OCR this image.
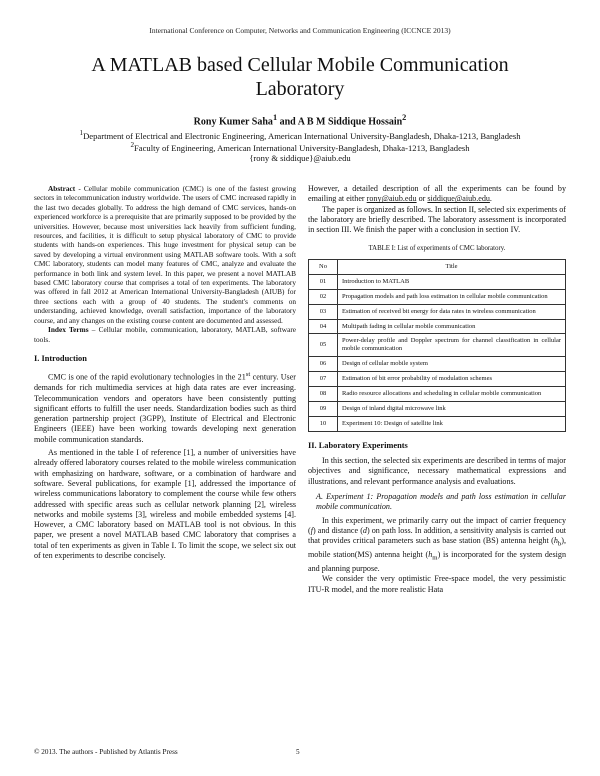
International Conference on Computer, Networks and Communication Engineering (ICCNCE 2013)
A MATLAB based Cellular Mobile Communication Laboratory
Rony Kumer Saha$^1$ and A B M Siddique Hossain$^2$
$^1$Department of Electrical and Electronic Engineering, American International University-Bangladesh, Dhaka-1213, Bangladesh
$^2$Faculty of Engineering, American International University-Bangladesh, Dhaka-1213, Bangladesh
{rony & siddique}@aiub.edu

Abstract - Cellular mobile communication (CMC) is one of the fastest growing sectors in telecommunication industry worldwide. The users of CMC increased rapidly in the last two decades globally. To address the high demand of CMC services, hands-on experienced workforce is a prerequisite that are primarily supposed to be provided by the universities. However, because most universities lack heavily from sufficient funding, resources, and facilities, it is difficult to setup physical laboratory of CMC to provide students with hands-on experiences. This huge investment for physical setup can be saved by developing a virtual environment using MATLAB software tools. With a soft CMC laboratory, students can model many features of CMC, analyze and evaluate the performance in both link and system level. In this paper, we present a novel MATLAB based CMC laboratory course that comprises a total of ten experiments. The laboratory was offered in fall 2012 at American International University-Bangladesh (AIUB) for three sections each with a group of 40 students. The student's comments on understanding, achieved knowledge, overall satisfaction, importance of the laboratory course, and any changes on the existing course content are documented and assessed.

Index Terms – Cellular mobile, communication, laboratory, MATLAB, software tools.

I. Introduction

CMC is one of the rapid evolutionary technologies in the 21st century. User demands for rich multimedia services at high data rates are ever increasing. Telecommunication vendors and operators have been consistently putting significant efforts to fulfill the user needs. Standardization bodies such as third generation partnership project (3GPP), Institute of Electrical and Electronic Engineers (IEEE) have been working towards developing next generation mobile communication standards.

As mentioned in the table I of reference [1], a number of universities have already offered laboratory courses related to the mobile wireless communication with emphasizing on hardware, software, or a combination of hardware and software. Several publications, for example [1], addressed the importance of wireless communications laboratory to complement the course while few others addressed with specific areas such as cellular network planning [2], wireless networks and mobile systems [3], wireless and mobile embedded systems [4]. However, a CMC laboratory based on MATLAB tool is not obvious. In this paper, we present a novel MATLAB based CMC laboratory that comprises a total of ten experiments as given in Table I. To limit the scope, we select six out of ten experiments to describe concisely.

However, a detailed description of all the experiments can be found by emailing at either rony@aiub.edu or siddique@aiub.edu.

The paper is organized as follows. In section II, selected six experiments of the laboratory are briefly described. The laboratory assessment is incorporated in section III. We finish the paper with a conclusion in section IV.

TABLE I: List of experiments of CMC laboratory.

No	Title
01	Introduction to MATLAB
02	Propagation models and path loss estimation in cellular mobile communication
03	Estimation of received bit energy for data rates in wireless communication
04	Multipath fading in cellular mobile communication
05	Power-delay profile and Doppler spectrum for channel classification in cellular mobile communication
06	Design of cellular mobile system
07	Estimation of bit error probability of modulation schemes
08	Radio resource allocations and scheduling in cellular mobile communication
09	Design of inland digital microwave link
10	Experiment 10: Design of satellite link

II. Laboratory Experiments

In this section, the selected six experiments are described in terms of major objectives and significance, necessary mathematical expressions and illustrations, and relevant performance analysis and evaluations.

A. Experiment 1: Propagation models and path loss estimation in cellular mobile communication.

In this experiment, we primarily carry out the impact of carrier frequency (f) and distance (d) on path loss. In addition, a sensitivity analysis is carried out that provides critical parameters such as base station (BS) antenna height $(h_b)$, mobile station(MS) antenna height $(h_m)$ is incorporated for the system design and planning purpose.

We consider the very optimistic Free-space model, the very pessimistic ITU-R model, and the more realistic Hata

© 2013. The authors - Published by Atlantis Press	5
